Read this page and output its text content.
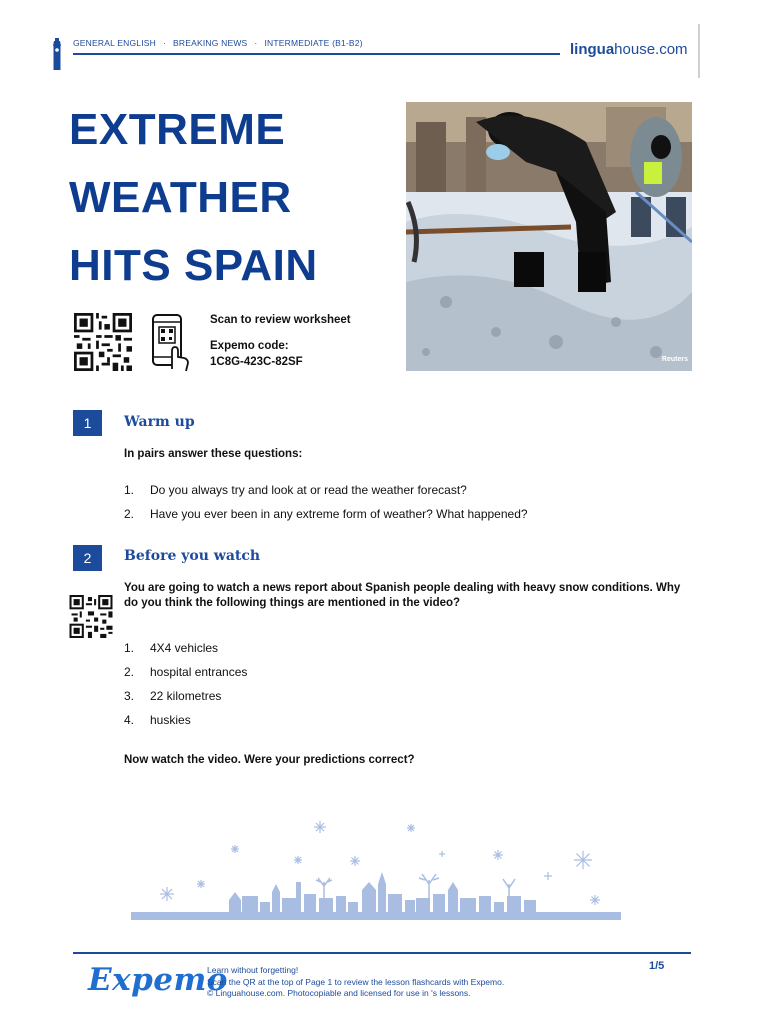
GENERAL ENGLISH · BREAKING NEWS · INTERMEDIATE (B1-B2)	linguahouse.com
EXTREME
WEATHER
HITS SPAIN
Reuters
Scan to review worksheet
Expemo code:
1C8G-423C-82SF
1	Warm up
In pairs answer these questions:
1.	Do you always try and look at or read the weather forecast?
2.	Have you ever been in any extreme form of weather? What happened?
2	Before you watch
You are going to watch a news report about Spanish people dealing with heavy snow conditions. Why
do you think the following things are mentioned in the video?
1.	4X4 vehicles
2.	hospital entrances
3.	22 kilometres
4.	huskies
Now watch the video. Were your predictions correct?
Expemo
Learn without forgetting!
Scan the QR at the top of Page 1 to review the lesson flashcards with Expemo.
© Linguahouse.com. Photocopiable and licensed for use in 's lessons.
1/5
